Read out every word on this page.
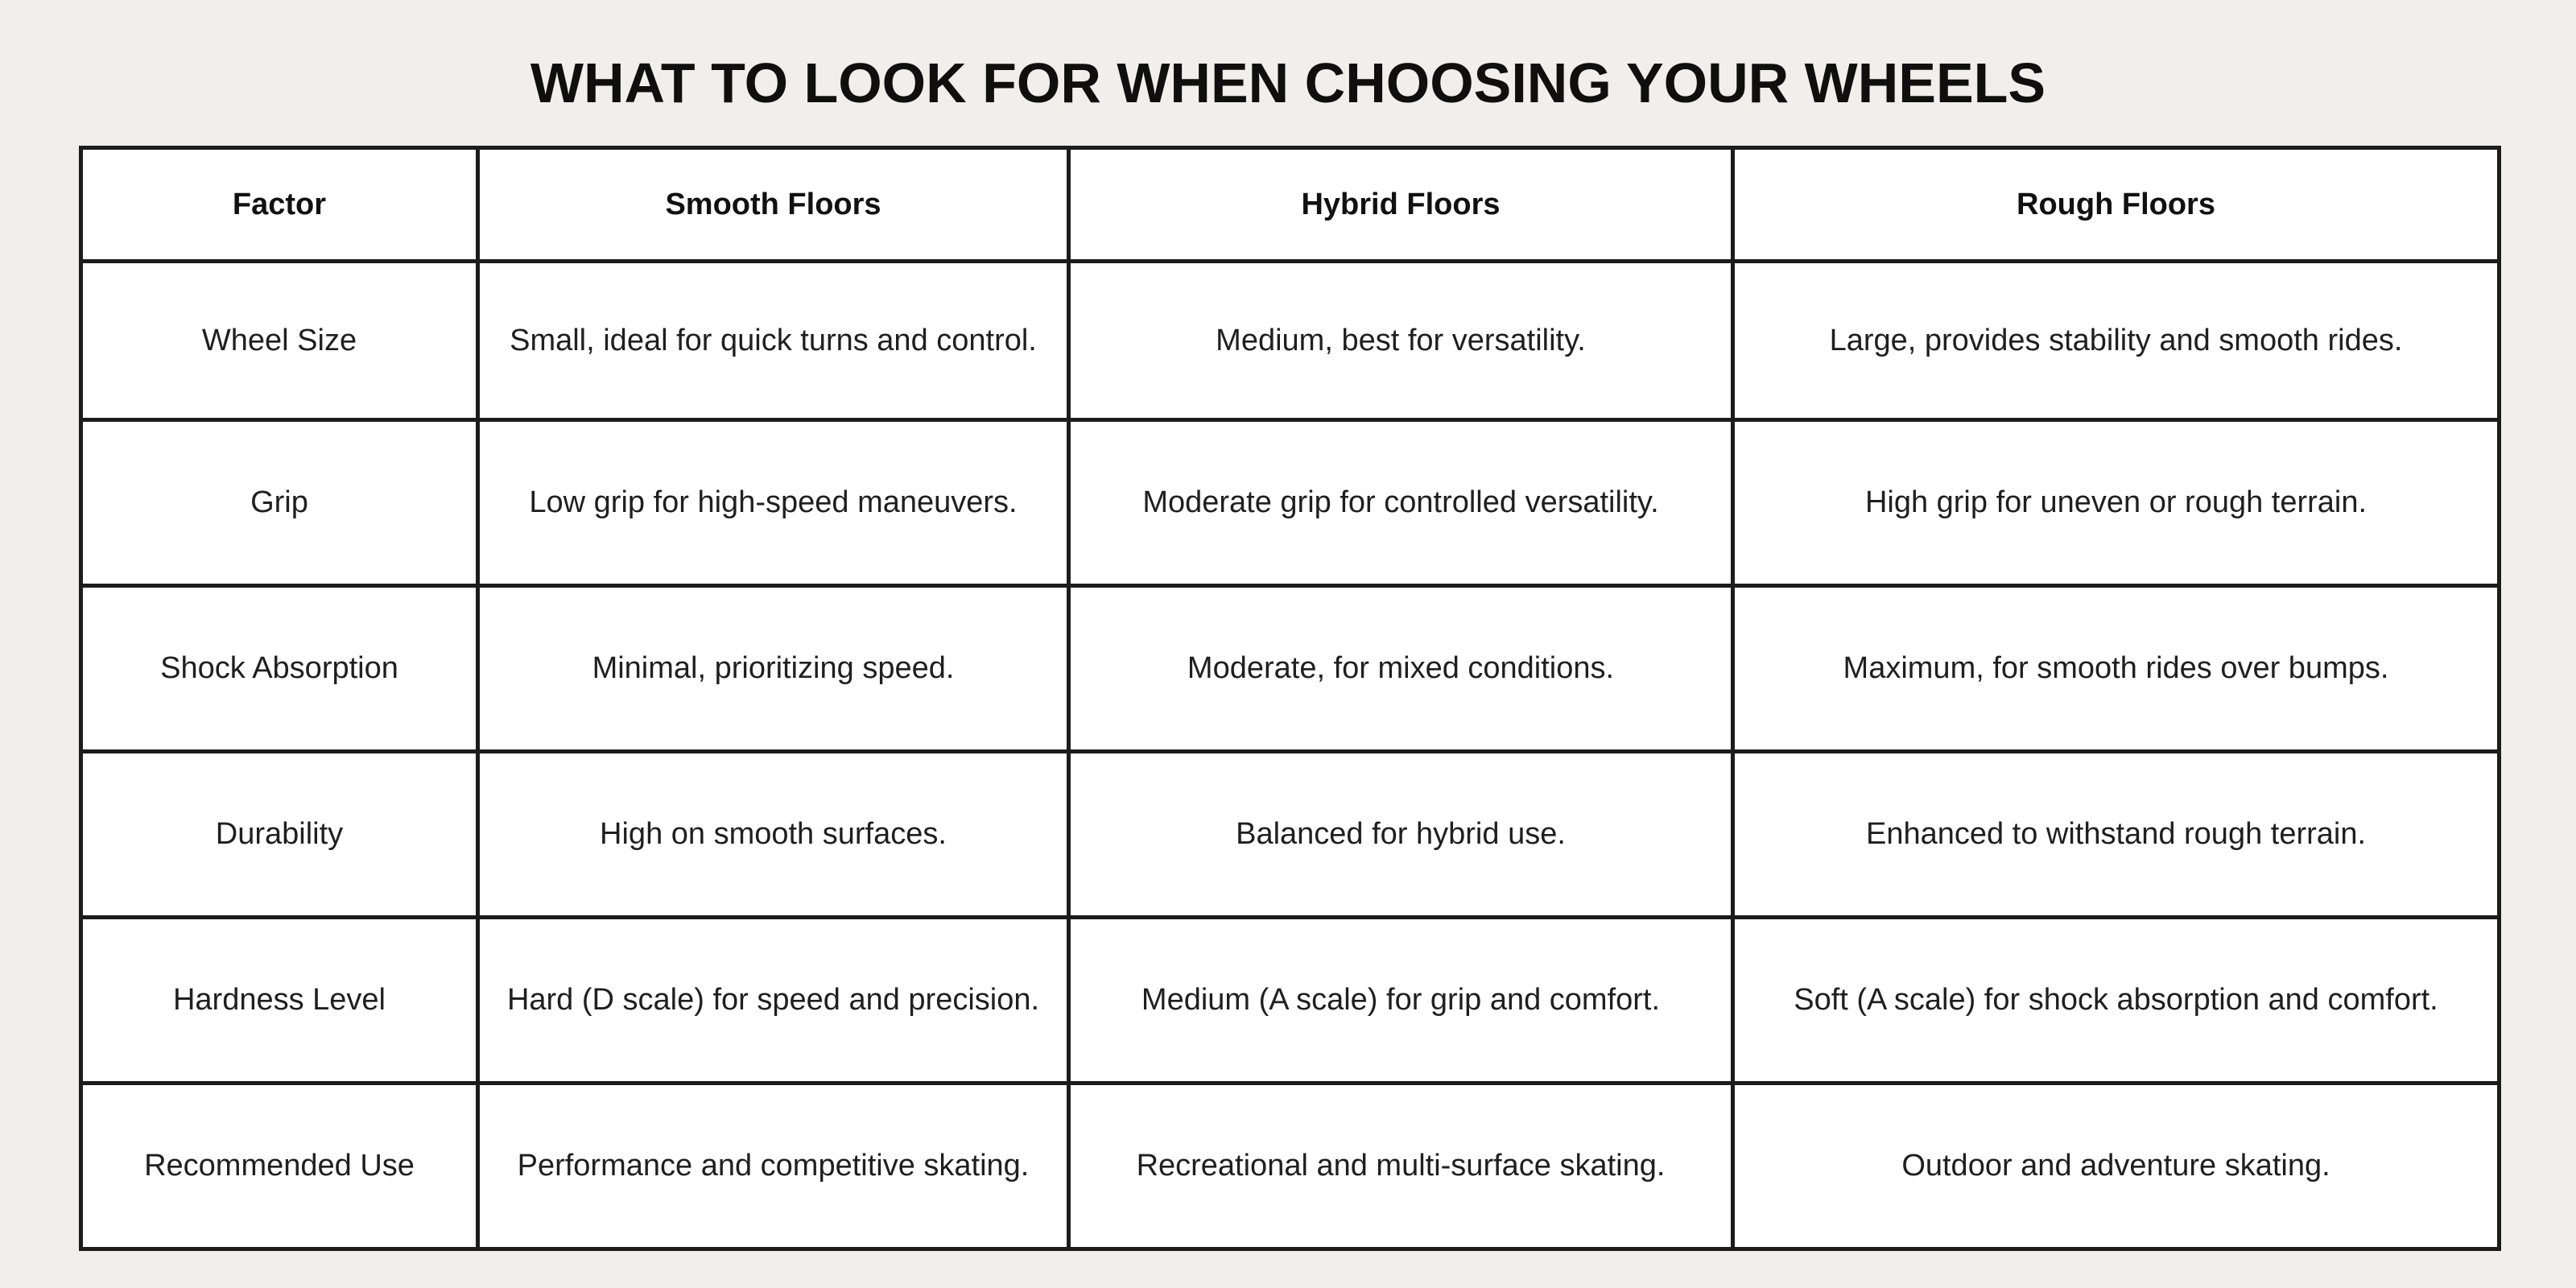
WHAT TO LOOK FOR WHEN CHOOSING YOUR WHEELS
Factor	Smooth Floors	Hybrid Floors	Rough Floors
Wheel Size	Small, ideal for quick turns and control.	Medium, best for versatility.	Large, provides stability and smooth rides.
Grip	Low grip for high-speed maneuvers.	Moderate grip for controlled versatility.	High grip for uneven or rough terrain.
Shock Absorption	Minimal, prioritizing speed.	Moderate, for mixed conditions.	Maximum, for smooth rides over bumps.
Durability	High on smooth surfaces.	Balanced for hybrid use.	Enhanced to withstand rough terrain.
Hardness Level	Hard (D scale) for speed and precision.	Medium (A scale) for grip and comfort.	Soft (A scale) for shock absorption and comfort.
Recommended Use	Performance and competitive skating.	Recreational and multi-surface skating.	Outdoor and adventure skating.
